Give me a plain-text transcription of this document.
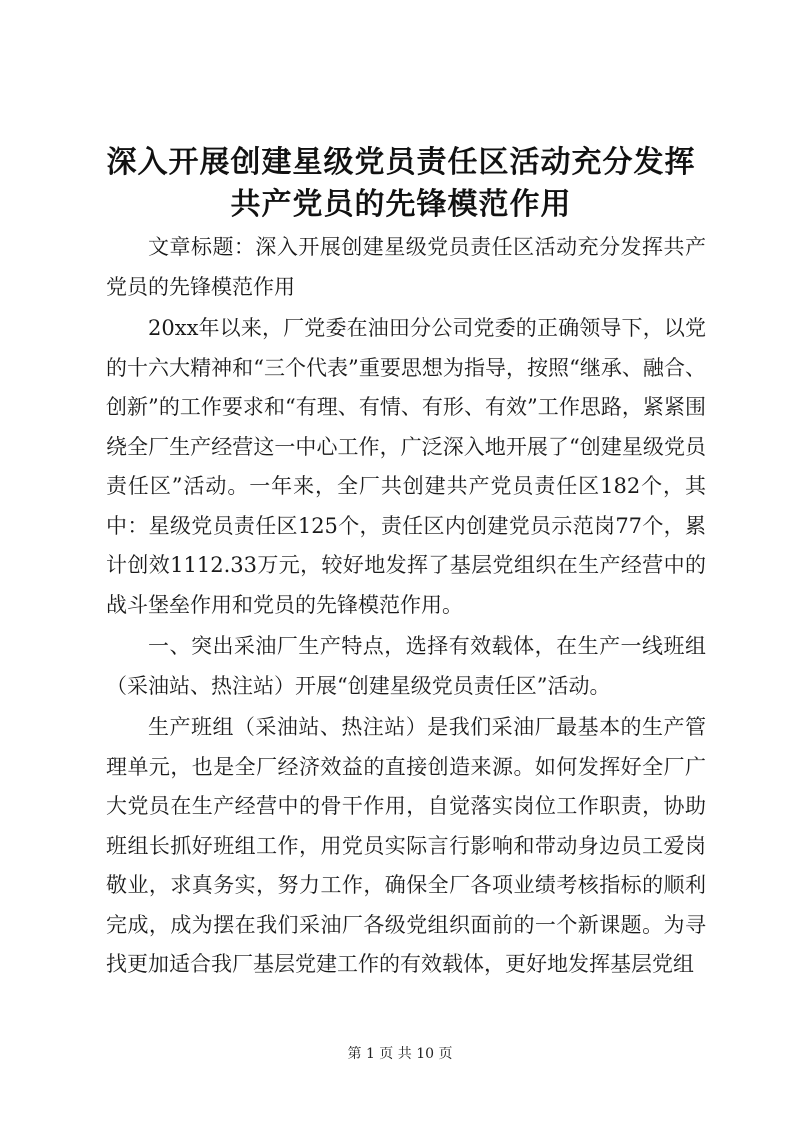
深入开展创建星级党员责任区活动充分发挥共产党员的先锋模范作用

文章标题：深入开展创建星级党员责任区活动充分发挥共产党员的先锋模范作用

20xx年以来，厂党委在油田分公司党委的正确领导下，以党的十六大精神和“三个代表”重要思想为指导，按照“继承、融合、创新”的工作要求和“有理、有情、有形、有效”工作思路，紧紧围绕全厂生产经营这一中心工作，广泛深入地开展了“创建星级党员责任区”活动。一年来，全厂共创建共产党员责任区182个，其中：星级党员责任区125个，责任区内创建党员示范岗77个，累计创效1112.33万元，较好地发挥了基层党组织在生产经营中的战斗堡垒作用和党员的先锋模范作用。

一、突出采油厂生产特点，选择有效载体，在生产一线班组（采油站、热注站）开展“创建星级党员责任区”活动。

生产班组（采油站、热注站）是我们采油厂最基本的生产管理单元，也是全厂经济效益的直接创造来源。如何发挥好全厂广大党员在生产经营中的骨干作用，自觉落实岗位工作职责，协助班组长抓好班组工作，用党员实际言行影响和带动身边员工爱岗敬业，求真务实，努力工作，确保全厂各项业绩考核指标的顺利完成，成为摆在我们采油厂各级党组织面前的一个新课题。为寻找更加适合我厂基层党建工作的有效载体，更好地发挥基层党组

第 1 页 共 10 页
